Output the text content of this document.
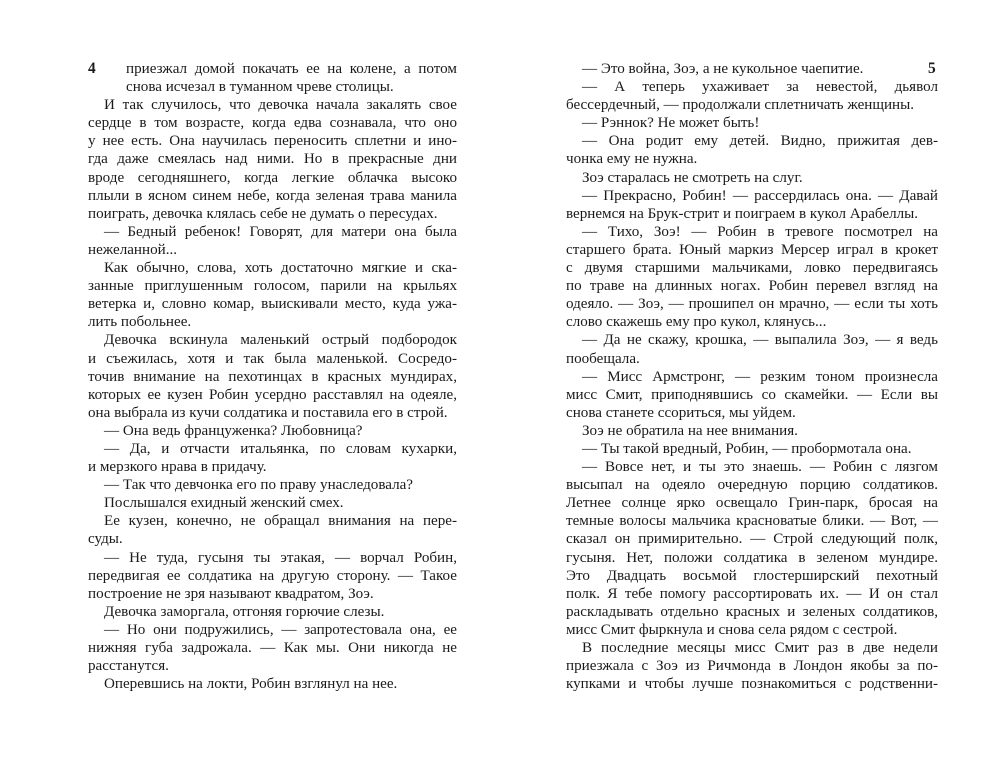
4	приезжал домой покачать ее на колене, а потом
снова исчезал в туманном чреве столицы.
И так случилось, что девочка начала закалять свое
сердце в том возрасте, когда едва сознавала, что оно
у нее есть. Она научилась переносить сплетни и ино-
гда даже смеялась над ними. Но в прекрасные дни
вроде сегодняшнего, когда легкие облачка высоко
плыли в ясном синем небе, когда зеленая трава манила
поиграть, девочка клялась себе не думать о пересудах.
— Бедный ребенок! Говорят, для матери она была
нежеланной...
Как обычно, слова, хоть достаточно мягкие и ска-
занные приглушенным голосом, парили на крыльях
ветерка и, словно комар, выискивали место, куда ужа-
лить побольнее.
Девочка вскинула маленький острый подбородок
и съежилась, хотя и так была маленькой. Сосредо-
точив внимание на пехотинцах в красных мундирах,
которых ее кузен Робин усердно расставлял на одеяле,
она выбрала из кучи солдатика и поставила его в строй.
— Она ведь француженка? Любовница?
— Да, и отчасти итальянка, по словам кухарки,
и мерзкого нрава в придачу.
— Так что девчонка его по праву унаследовала?
Послышался ехидный женский смех.
Ее кузен, конечно, не обращал внимания на пере-
суды.
— Не туда, гусыня ты этакая, — ворчал Робин,
передвигая ее солдатика на другую сторону. — Такое
построение не зря называют квадратом, Зоэ.
Девочка заморгала, отгоняя горючие слезы.
— Но они подружились, — запротестовала она, ее
нижняя губа задрожала. — Как мы. Они никогда не
расстанутся.
Оперевшись на локти, Робин взглянул на нее.
5
— Это война, Зоэ, а не кукольное чаепитие.
— А теперь ухаживает за невестой, дьявол
бессердечный, — продолжали сплетничать женщины.
— Рэннок? Не может быть!
— Она родит ему детей. Видно, прижитая дев-
чонка ему не нужна.
Зоэ старалась не смотреть на слуг.
— Прекрасно, Робин! — рассердилась она. — Давай
вернемся на Брук-стрит и поиграем в кукол Арабеллы.
— Тихо, Зоэ! — Робин в тревоге посмотрел на
старшего брата. Юный маркиз Мерсер играл в крокет
с двумя старшими мальчиками, ловко передвигаясь
по траве на длинных ногах. Робин перевел взгляд на
одеяло. — Зоэ, — прошипел он мрачно, — если ты хоть
слово скажешь ему про кукол, клянусь...
— Да не скажу, крошка, — выпалила Зоэ, — я ведь
пообещала.
— Мисс Армстронг, — резким тоном произнесла
мисс Смит, приподнявшись со скамейки. — Если вы
снова станете ссориться, мы уйдем.
Зоэ не обратила на нее внимания.
— Ты такой вредный, Робин, — пробормотала она.
— Вовсе нет, и ты это знаешь. — Робин с лязгом
высыпал на одеяло очередную порцию солдатиков.
Летнее солнце ярко освещало Грин-парк, бросая на
темные волосы мальчика красноватые блики. — Вот, —
сказал он примирительно. — Строй следующий полк,
гусыня. Нет, положи солдатика в зеленом мундире.
Это Двадцать восьмой глостерширский пехотный
полк. Я тебе помогу рассортировать их. — И он стал
раскладывать отдельно красных и зеленых солдатиков,
мисс Смит фыркнула и снова села рядом с сестрой.
В последние месяцы мисс Смит раз в две недели
приезжала с Зоэ из Ричмонда в Лондон якобы за по-
купками и чтобы лучше познакомиться с родственни-
